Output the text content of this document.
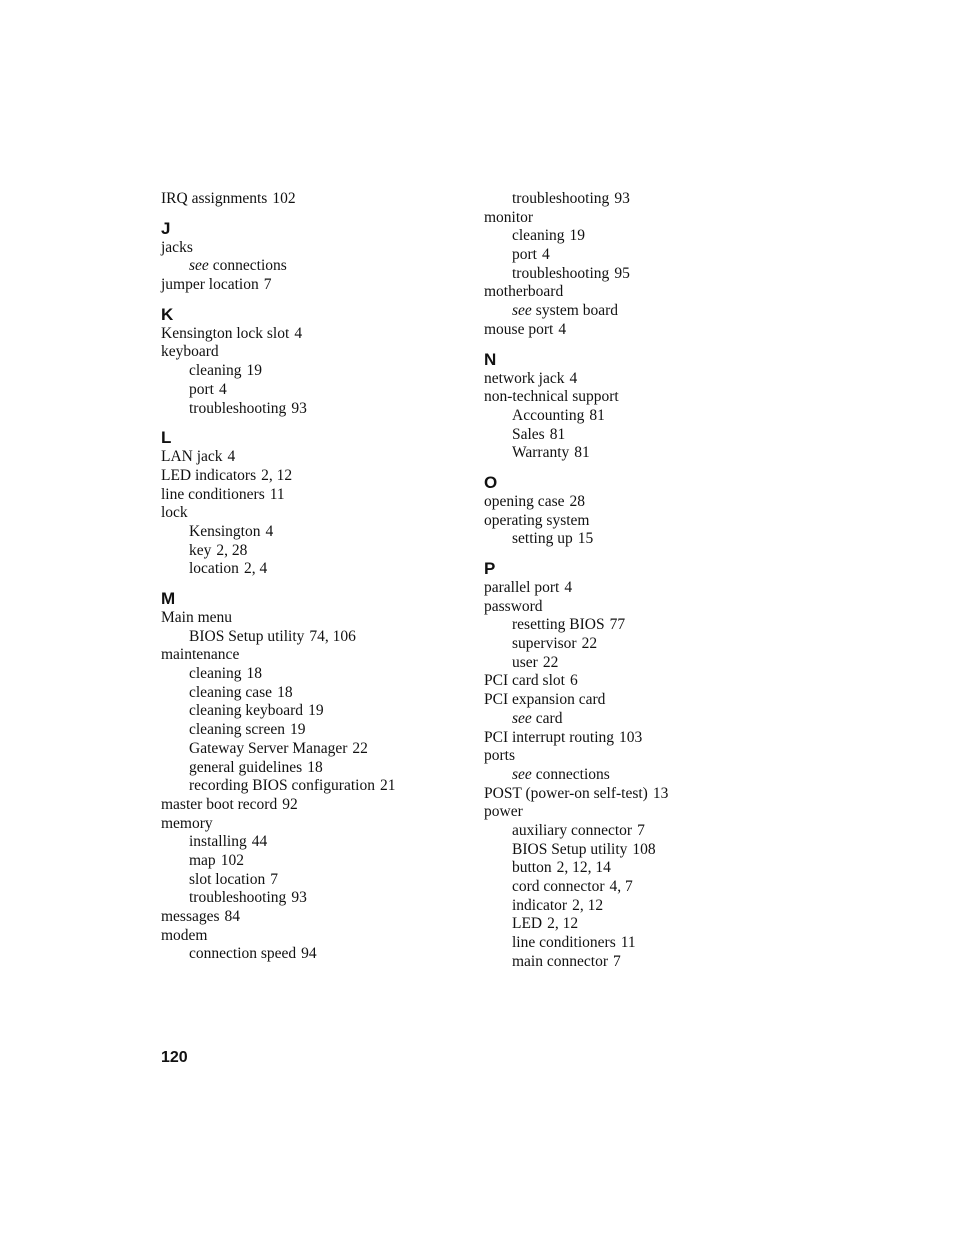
IRQ assignments 102
J
jacks
see connections
jumper location 7
K
Kensington lock slot 4
keyboard
cleaning 19
port 4
troubleshooting 93
L
LAN jack 4
LED indicators 2, 12
line conditioners 11
lock
Kensington 4
key 2, 28
location 2, 4
M
Main menu
BIOS Setup utility 74, 106
maintenance
cleaning 18
cleaning case 18
cleaning keyboard 19
cleaning screen 19
Gateway Server Manager 22
general guidelines 18
recording BIOS configuration 21
master boot record 92
memory
installing 44
map 102
slot location 7
troubleshooting 93
messages 84
modem
connection speed 94
troubleshooting 93
monitor
cleaning 19
port 4
troubleshooting 95
motherboard
see system board
mouse port 4
N
network jack 4
non-technical support
Accounting 81
Sales 81
Warranty 81
O
opening case 28
operating system
setting up 15
P
parallel port 4
password
resetting BIOS 77
supervisor 22
user 22
PCI card slot 6
PCI expansion card
see card
PCI interrupt routing 103
ports
see connections
POST (power-on self-test) 13
power
auxiliary connector 7
BIOS Setup utility 108
button 2, 12, 14
cord connector 4, 7
indicator 2, 12
LED 2, 12
line conditioners 11
main connector 7
120
